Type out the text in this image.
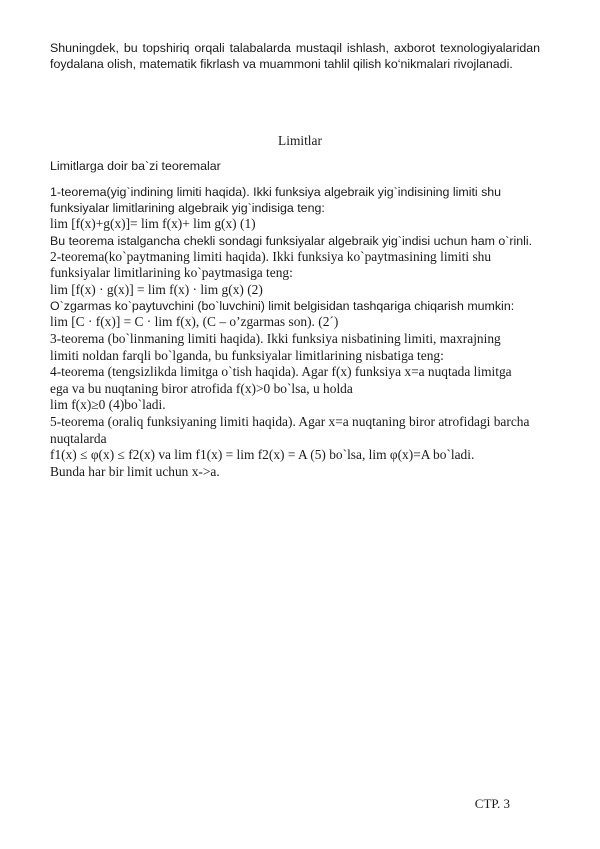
Shuningdek, bu topshiriq orqali talabalarda mustaqil ishlash, axborot texnologiyalaridan foydalana olish, matematik fikrlash va muammoni tahlil qilish ko‘nikmalari rivojlanadi.

Limitlar

Limitlarga doir ba`zi teoremalar

1-teorema(yig`indining limiti haqida). Ikki funksiya algebraik yig`indisining limiti shu

funksiyalar limitlarining algebraik yig`indisiga teng:

lim [f(x)+g(x)]= lim f(x)+ lim g(x) (1)

Bu teorema istalgancha chekli sondagi funksiyalar algebraik yig`indisi uchun ham o`rinli.

2-teorema(ko`paytmaning limiti haqida). Ikki funksiya ko`paytmasining limiti shu

funksiyalar limitlarining ko`paytmasiga teng:

lim [f(x) · g(x)] = lim f(x) · lim g(x) (2)

O`zgarmas ko`paytuvchini (bo`luvchini) limit belgisidan tashqariga chiqarish mumkin:

lim [C · f(x)] = C · lim f(x), (C – o’zgarmas son). (2´)

3-teorema (bo`linmaning limiti haqida). Ikki funksiya nisbatining limiti, maxrajning

limiti noldan farqli bo`lganda, bu funksiyalar limitlarining nisbatiga teng:

4-teorema (tengsizlikda limitga o`tish haqida). Agar f(x) funksiya x=a nuqtada limitga

ega va bu nuqtaning biror atrofida f(x)>0 bo`lsa, u holda

lim f(x)≥0 (4)bo`ladi.

5-teorema (oraliq funksiyaning limiti haqida). Agar x=a nuqtaning biror atrofidagi barcha nuqtalarda

f1(x) ≤ φ(x) ≤ f2(x) va lim f1(x) = lim f2(x) = A (5) bo`lsa, lim φ(x)=A bo`ladi.

Bunda har bir limit uchun x->a.

СТР. 3
